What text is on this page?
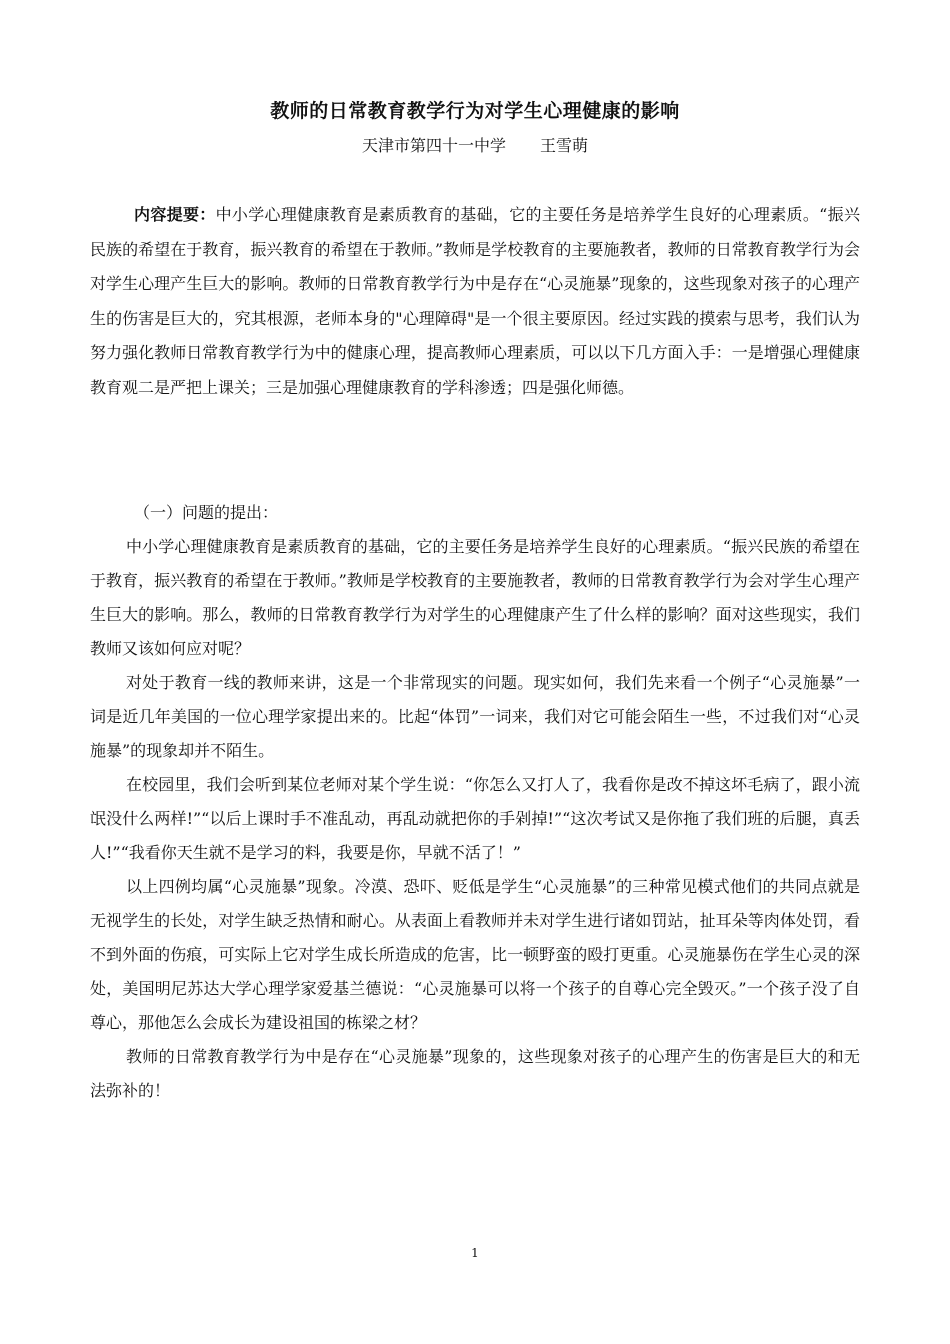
教师的日常教育教学行为对学生心理健康的影响
天津市第四十一中学 王雪萌
内容提要：中小学心理健康教育是素质教育的基础，它的主要任务是培养学生良好的心理素质。“振兴民族的希望在于教育，振兴教育的希望在于教师。”教师是学校教育的主要施教者，教师的日常教育教学行为会对学生心理产生巨大的影响。教师的日常教育教学行为中是存在“心灵施暴”现象的，这些现象对孩子的心理产生的伤害是巨大的，究其根源，老师本身的"心理障碍"是一个很主要原因。经过实践的摸索与思考，我们认为努力强化教师日常教育教学行为中的健康心理，提高教师心理素质，可以以下几方面入手：一是增强心理健康教育观二是严把上课关；三是加强心理健康教育的学科渗透；四是强化师德。

（一）问题的提出：

中小学心理健康教育是素质教育的基础，它的主要任务是培养学生良好的心理素质。“振兴民族的希望在于教育，振兴教育的希望在于教师。”教师是学校教育的主要施教者，教师的日常教育教学行为会对学生心理产生巨大的影响。那么，教师的日常教育教学行为对学生的心理健康产生了什么样的影响？面对这些现实，我们教师又该如何应对呢？

对处于教育一线的教师来讲，这是一个非常现实的问题。现实如何，我们先来看一个例子“心灵施暴”一词是近几年美国的一位心理学家提出来的。比起“体罚”一词来，我们对它可能会陌生一些，不过我们对“心灵施暴”的现象却并不陌生。

在校园里，我们会听到某位老师对某个学生说：“你怎么又打人了，我看你是改不掉这坏毛病了，跟小流氓没什么两样!”“以后上课时手不准乱动，再乱动就把你的手剁掉!”“这次考试又是你拖了我们班的后腿，真丢人!”“我看你天生就不是学习的料，我要是你，早就不活了！”

以上四例均属“心灵施暴”现象。冷漠、恐吓、贬低是学生“心灵施暴”的三种常见模式他们的共同点就是无视学生的长处，对学生缺乏热情和耐心。从表面上看教师并未对学生进行诸如罚站，扯耳朵等肉体处罚，看不到外面的伤痕，可实际上它对学生成长所造成的危害，比一顿野蛮的殴打更重。心灵施暴伤在学生心灵的深处，美国明尼苏达大学心理学家爱基兰德说：“心灵施暴可以将一个孩子的自尊心完全毁灭。”一个孩子没了自尊心，那他怎么会成长为建设祖国的栋梁之材？

教师的日常教育教学行为中是存在“心灵施暴”现象的，这些现象对孩子的心理产生的伤害是巨大的和无法弥补的！

1
